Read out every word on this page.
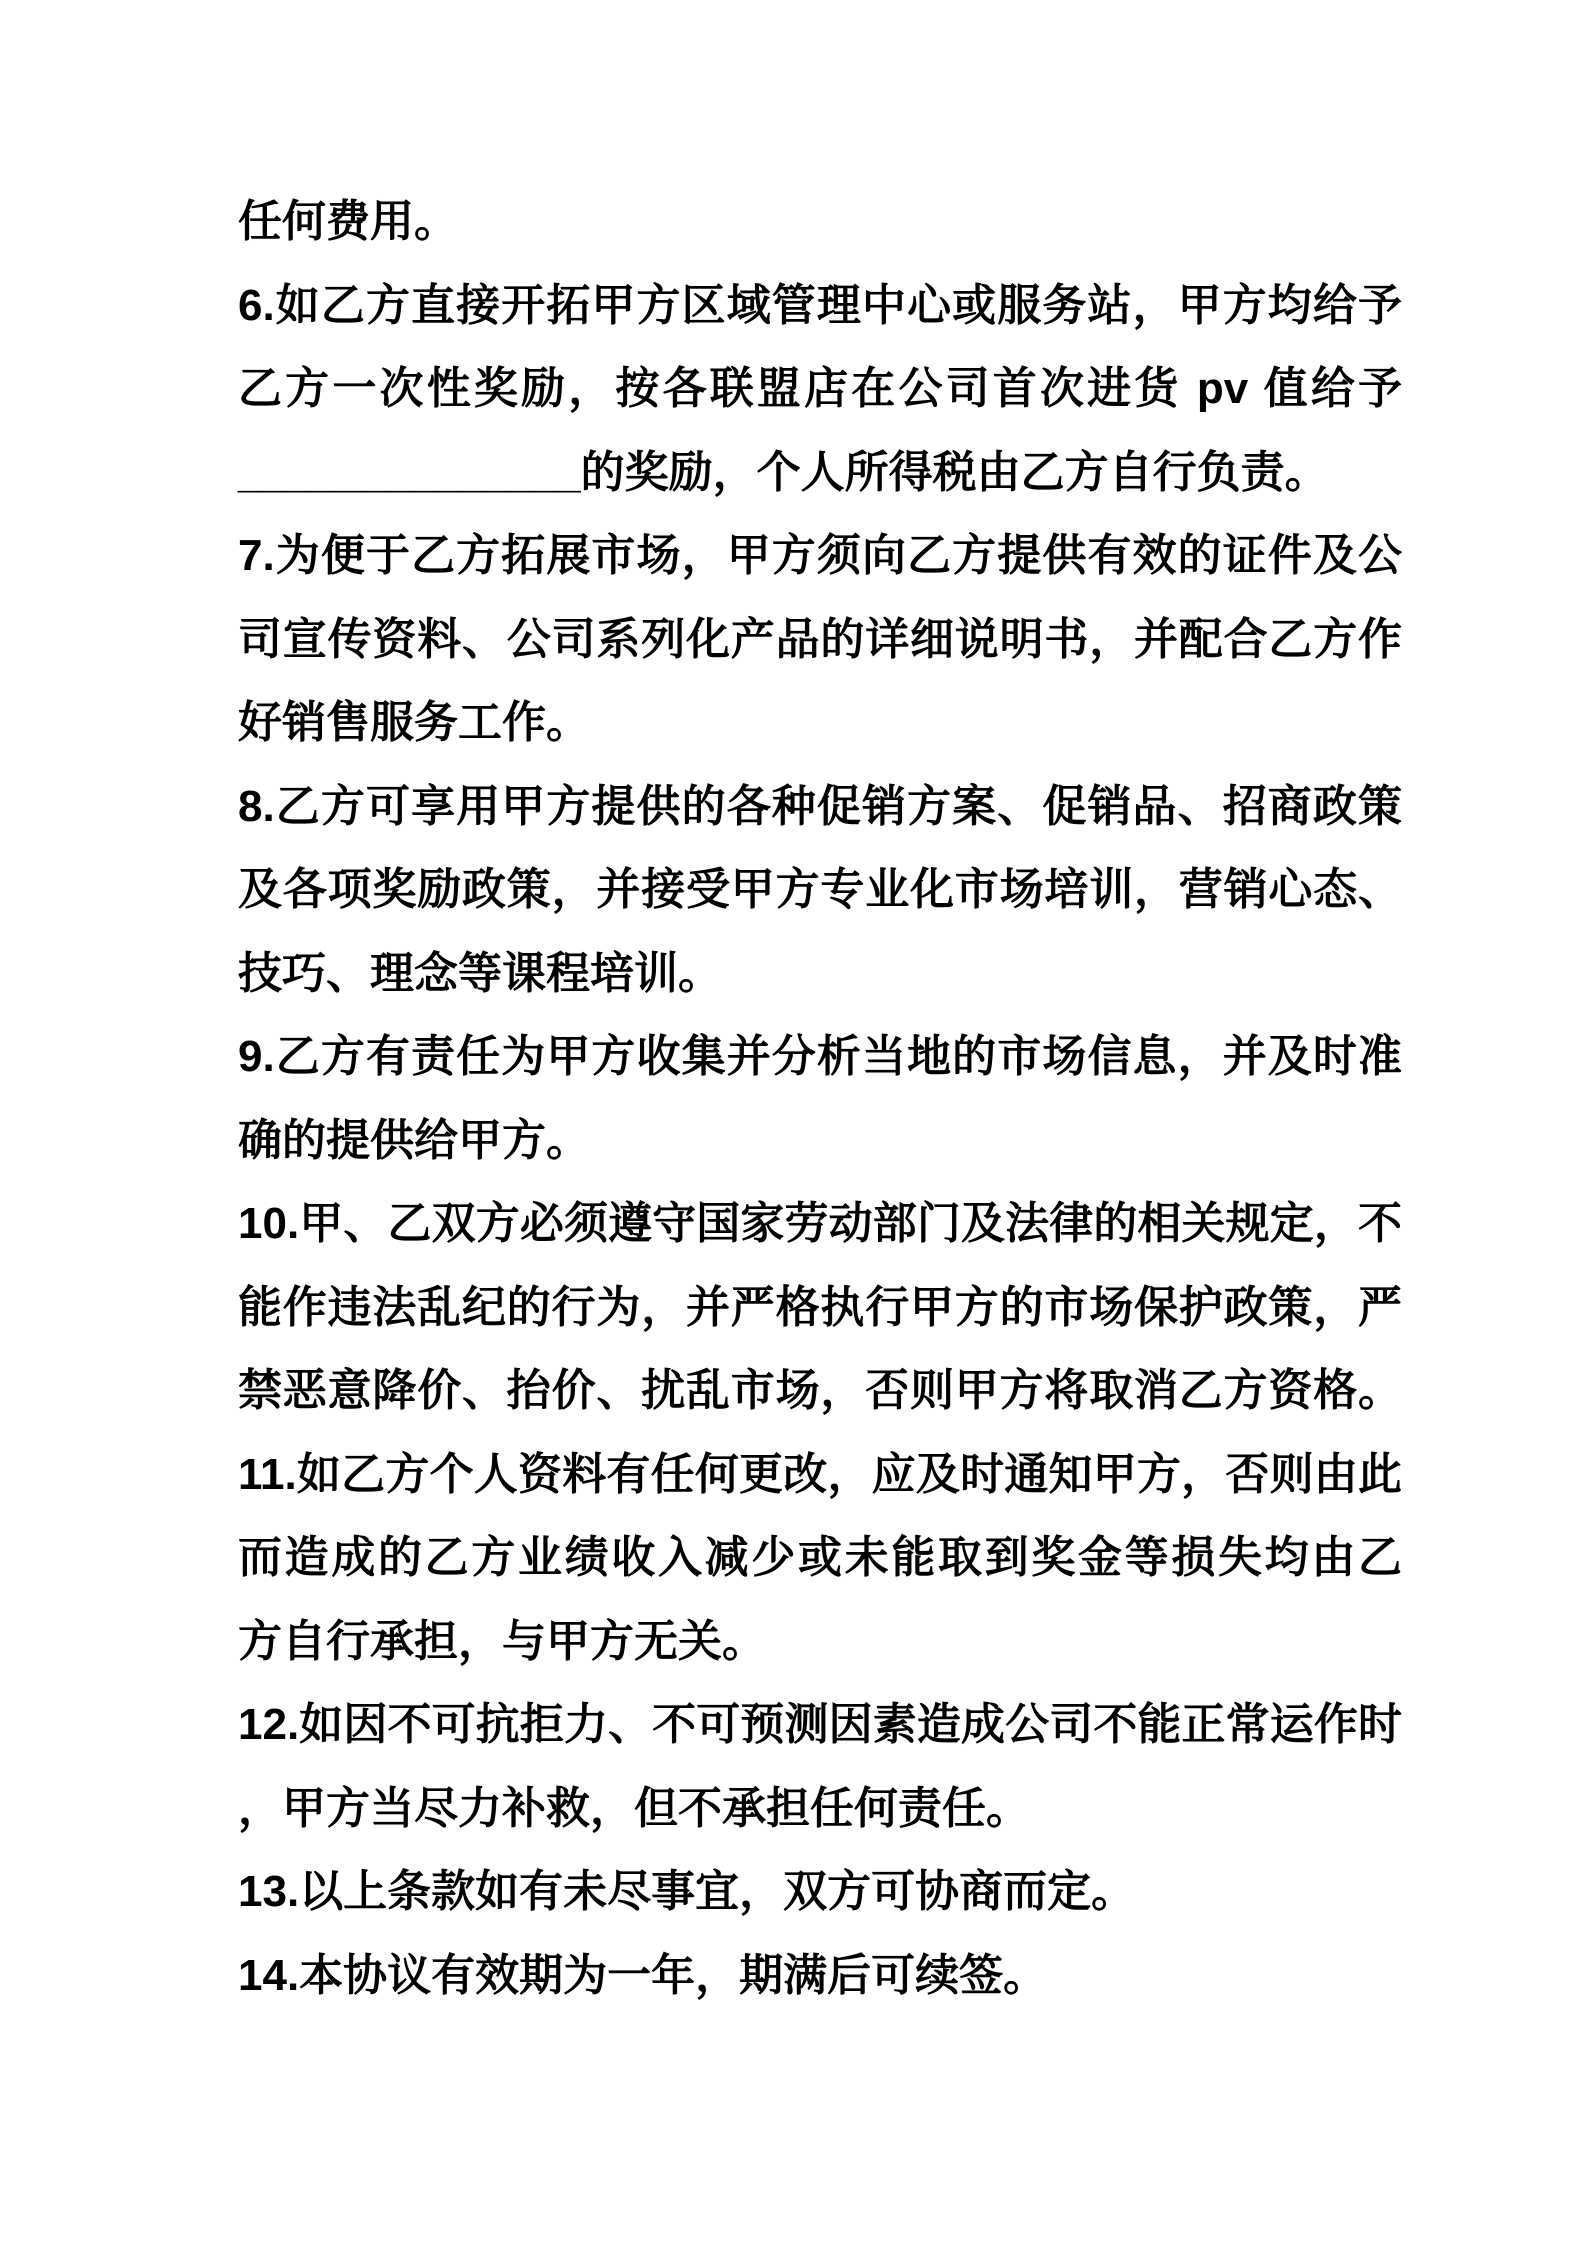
任何费用。
6.如乙方直接开拓甲方区域管理中心或服务站，甲方均给予
乙方一次性奖励，按各联盟店在公司首次进货 pv 值给予
______________的奖励，个人所得税由乙方自行负责。
7.为便于乙方拓展市场，甲方须向乙方提供有效的证件及公
司宣传资料、公司系列化产品的详细说明书，并配合乙方作
好销售服务工作。
8.乙方可享用甲方提供的各种促销方案、促销品、招商政策
及各项奖励政策，并接受甲方专业化市场培训，营销心态、
技巧、理念等课程培训。
9.乙方有责任为甲方收集并分析当地的市场信息，并及时准
确的提供给甲方。
10.甲、乙双方必须遵守国家劳动部门及法律的相关规定，不
能作违法乱纪的行为，并严格执行甲方的市场保护政策，严
禁恶意降价、抬价、扰乱市场，否则甲方将取消乙方资格。
11.如乙方个人资料有任何更改，应及时通知甲方，否则由此
而造成的乙方业绩收入减少或未能取到奖金等损失均由乙
方自行承担，与甲方无关。
12.如因不可抗拒力、不可预测因素造成公司不能正常运作时
，甲方当尽力补救，但不承担任何责任。
13.以上条款如有未尽事宜，双方可协商而定。
14.本协议有效期为一年，期满后可续签。
